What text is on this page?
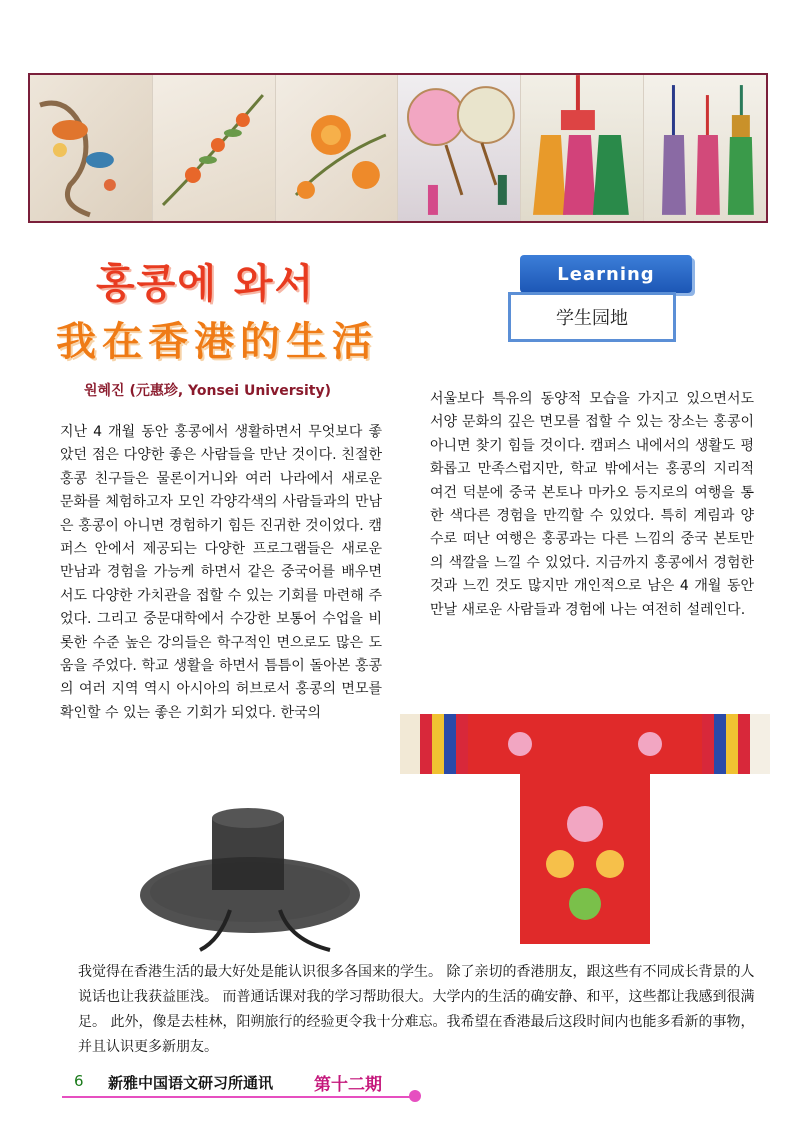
홍콩에 와서
我在香港的生活
Learning
学生园地
원혜진 (元惠珍, Yonsei University)
지난 4 개월 동안 홍콩에서 생활하면서 무엇보다 좋았던 점은 다양한 좋은 사람들을 만난 것이다. 친절한 홍콩 친구들은 물론이거니와 여러 나라에서 새로운 문화를 체험하고자 모인 각양각색의 사람들과의 만남은 홍콩이 아니면 경험하기 힘든 진귀한 것이었다. 캠퍼스 안에서 제공되는 다양한 프로그램들은 새로운 만남과 경험을 가능케 하면서 같은 중국어를 배우면서도 다양한 가치관을 접할 수 있는 기회를 마련해 주었다. 그리고 중문대학에서 수강한 보통어 수업을 비롯한 수준 높은 강의들은 학구적인 면으로도 많은 도움을 주었다. 학교 생활을 하면서 틈틈이 돌아본 홍콩의 여러 지역 역시 아시아의 허브로서 홍콩의 면모를 확인할 수 있는 좋은 기회가 되었다. 한국의
서울보다 특유의 동양적 모습을 가지고 있으면서도 서양 문화의 깊은 면모를 접할 수 있는 장소는 홍콩이 아니면 찾기 힘들 것이다. 캠퍼스 내에서의 생활도 평화롭고 만족스럽지만, 학교 밖에서는 홍콩의 지리적 여건 덕분에 중국 본토나 마카오 등지로의 여행을 통한 색다른 경험을 만끽할 수 있었다. 특히 계림과 양수로 떠난 여행은 홍콩과는 다른 느낌의 중국 본토만의 색깔을 느낄 수 있었다. 지금까지 홍콩에서 경험한 것과 느낀 것도 많지만 개인적으로 남은 4 개월 동안 만날 새로운 사람들과 경험에 나는 여전히 설레인다.
我觉得在香港生活的最大好处是能认识很多各国来的学生。 除了亲切的香港朋友，跟这些有不同成长背景的人说话也让我获益匪浅。 而普通话课对我的学习帮助很大。大学内的生活的确安静、和平，这些都让我感到很满足。 此外，像是去桂林，阳朔旅行的经验更令我十分难忘。我希望在香港最后这段时间内也能多看新的事物，并且认识更多新朋友。
6 新雅中国语文研习所通讯 第十二期
